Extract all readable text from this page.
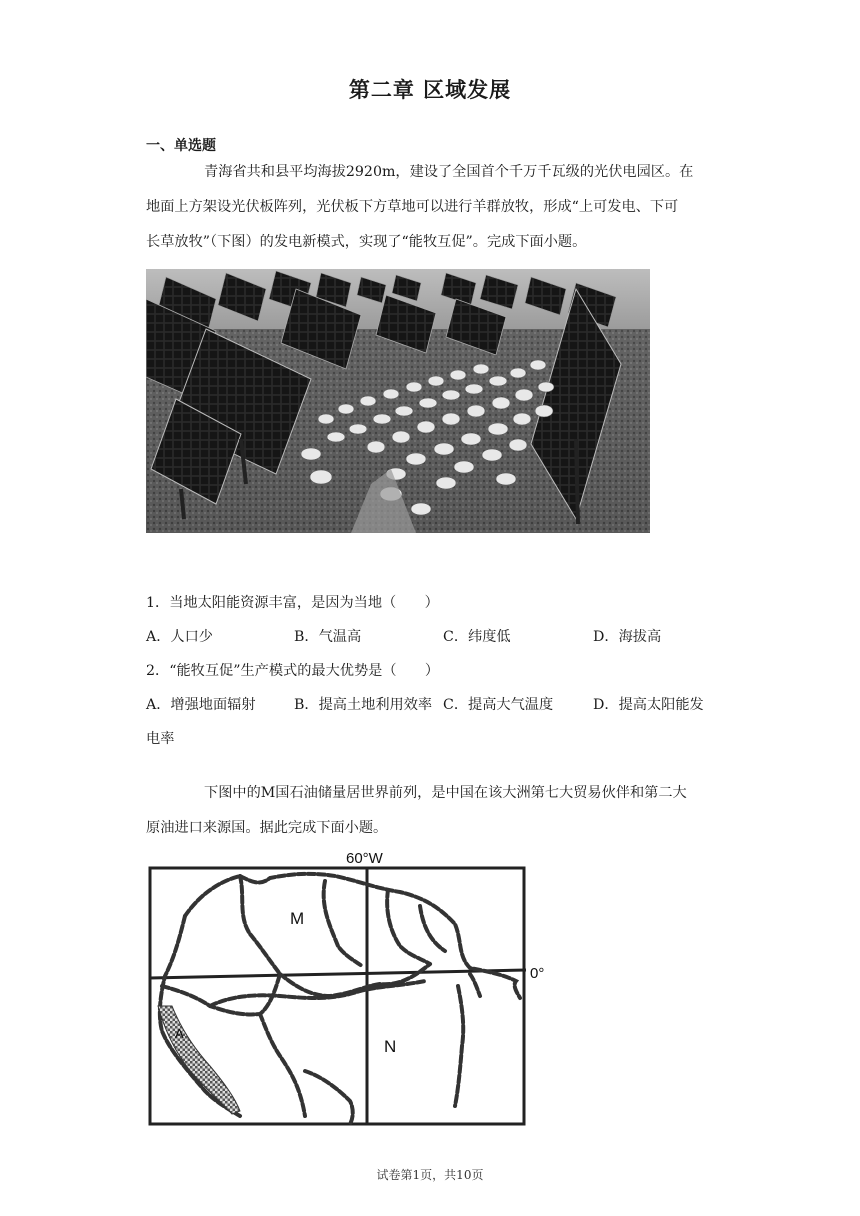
第二章 区域发展
一、单选题
青海省共和县平均海拔2920m，建设了全国首个千万千瓦级的光伏电园区。在
地面上方架设光伏板阵列，光伏板下方草地可以进行羊群放牧，形成“上可发电、下可
长草放牧”（下图）的发电新模式，实现了“能牧互促”。完成下面小题。
1．当地太阳能资源丰富，是因为当地（　　）
A．人口少	B．气温高	C．纬度低	D．海拔高
2．“能牧互促”生产模式的最大优势是（　　）
A．增强地面辐射	B．提高土地利用效率 C．提高大气温度	D．提高太阳能发
电率
下图中的M国石油储量居世界前列，是中国在该大洲第七大贸易伙伴和第二大
原油进口来源国。据此完成下面小题。
60°W
0°
M
N
A
试卷第1页，共10页
